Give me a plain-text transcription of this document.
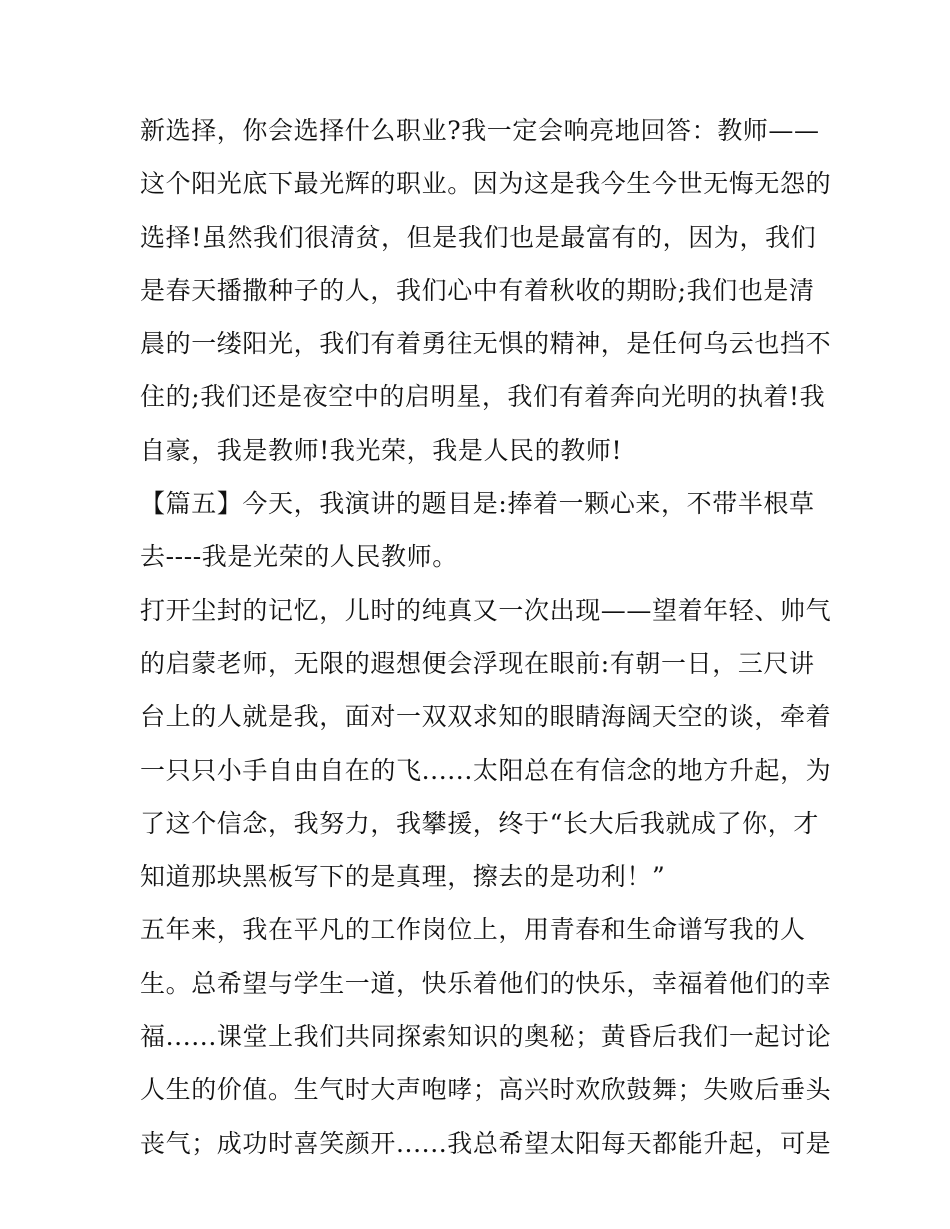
新选择，你会选择什么职业?我一定会响亮地回答：教师——
这个阳光底下最光辉的职业。因为这是我今生今世无悔无怨的
选择!虽然我们很清贫，但是我们也是最富有的，因为，我们
是春天播撒种子的人，我们心中有着秋收的期盼;我们也是清
晨的一缕阳光，我们有着勇往无惧的精神，是任何乌云也挡不
住的;我们还是夜空中的启明星，我们有着奔向光明的执着!我
自豪，我是教师!我光荣，我是人民的教师!
【篇五】今天，我演讲的题目是:捧着一颗心来，不带半根草
去----我是光荣的人民教师。
打开尘封的记忆，儿时的纯真又一次出现——望着年轻、帅气
的启蒙老师，无限的遐想便会浮现在眼前:有朝一日，三尺讲
台上的人就是我，面对一双双求知的眼睛海阔天空的谈，牵着
一只只小手自由自在的飞......太阳总在有信念的地方升起，为
了这个信念，我努力，我攀援，终于“长大后我就成了你，才
知道那块黑板写下的是真理，擦去的是功利！”
五年来，我在平凡的工作岗位上，用青春和生命谱写我的人
生。总希望与学生一道，快乐着他们的快乐，幸福着他们的幸
福......课堂上我们共同探索知识的奥秘；黄昏后我们一起讨论
人生的价值。生气时大声咆哮；高兴时欢欣鼓舞；失败后垂头
丧气；成功时喜笑颜开......我总希望太阳每天都能升起，可是
